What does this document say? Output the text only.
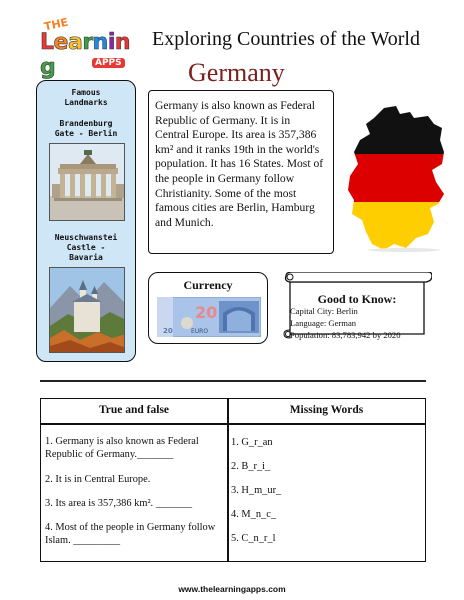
THE
Learning	APPS
Exploring Countries of the World
Germany
Famous
Landmarks
Brandenburg
Gate - Berlin
Neuschwanstei
Castle -
Bavaria
Germany is also known as Federal Republic of Germany. It is in Central Europe. Its area is 357,386 km² and it ranks 19th in the world's population. It has 16 States. Most of the people in Germany follow Christianity. Some of the most famous cities are Berlin, Hamburg and Munich.
Currency
20
EURO
20
Good to Know:
Capital City: Berlin
Language: German
Population: 83,783,942 by 2020
True and false	Missing Words
1. Germany is also known as Federal Republic of Germany._______
2. It is in Central Europe.
3. Its area is 357,386 km². _______
4. Most of the people in Germany follow Islam. _________
1. G_r_an
2. B_r_i_
3. H_m_ur_
4. M_n_c_
5. C_n_r_l
www.thelearningapps.com
